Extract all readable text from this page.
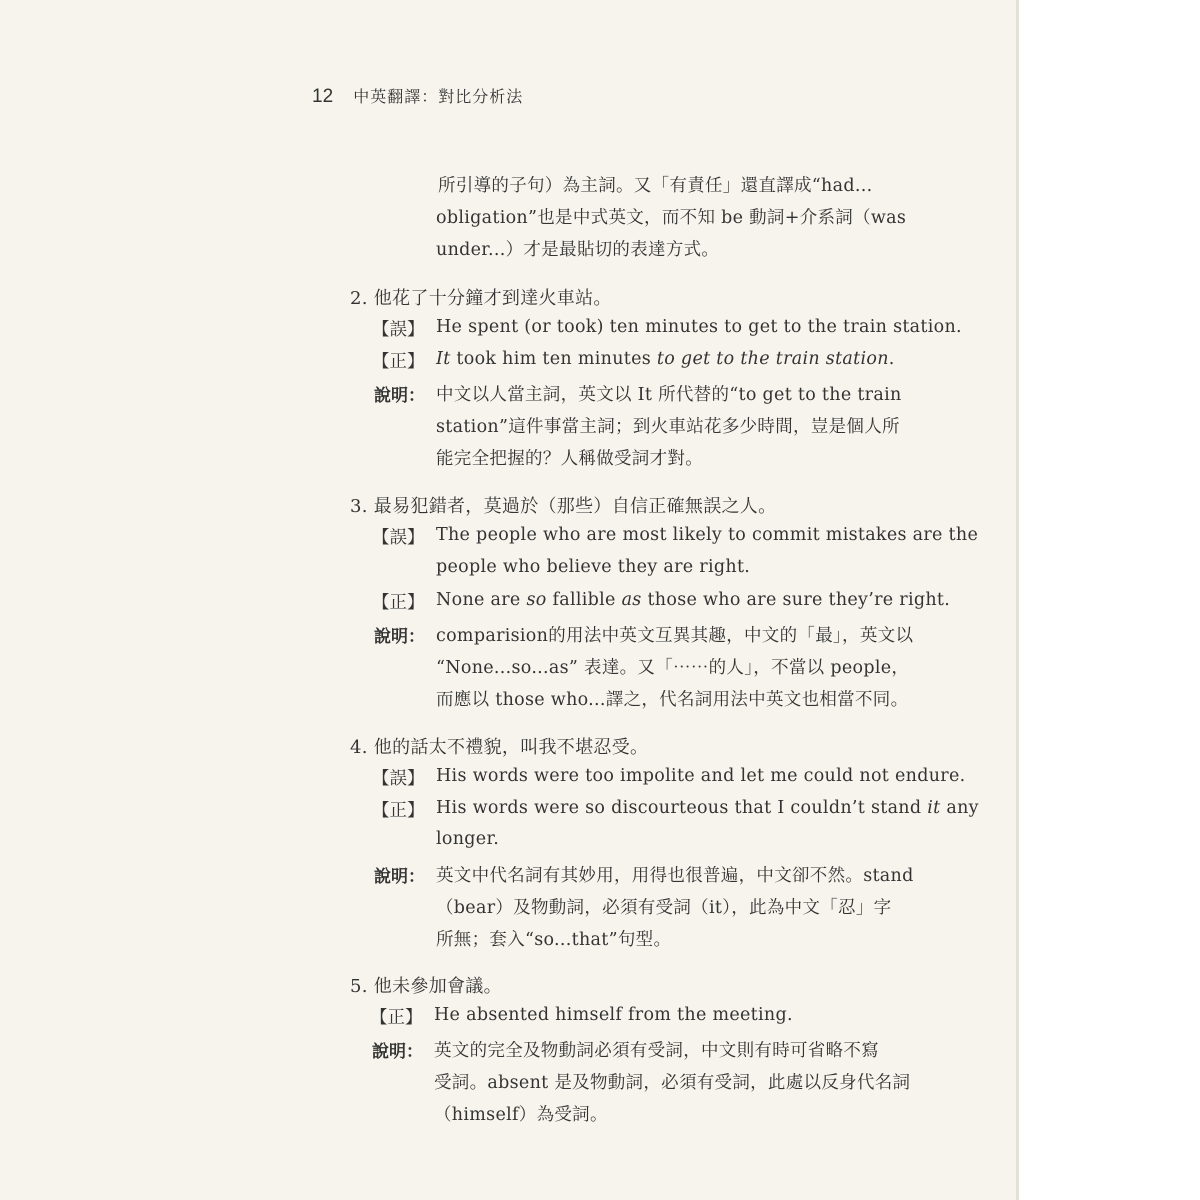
12 中英翻譯：對比分析法
所引導的子句）為主詞。又「有責任」還直譯成“had...
obligation”也是中式英文，而不知 be 動詞+介系詞（was
under...）才是最貼切的表達方式。
2. 他花了十分鐘才到達火車站。
【誤】 He spent (or took) ten minutes to get to the train station.
【正】 It took him ten minutes to get to the train station.
說明： 中文以人當主詞，英文以 It 所代替的“to get to the train
station”這件事當主詞；到火車站花多少時間，豈是個人所
能完全把握的？人稱做受詞才對。
3. 最易犯錯者，莫過於（那些）自信正確無誤之人。
【誤】 The people who are most likely to commit mistakes are the
people who believe they are right.
【正】 None are so fallible as those who are sure they’re right.
說明： comparision的用法中英文互異其趣，中文的「最」，英文以
“None...so...as” 表達。又「⋯⋯的人」，不當以 people，
而應以 those who...譯之，代名詞用法中英文也相當不同。
4. 他的話太不禮貌，叫我不堪忍受。
【誤】 His words were too impolite and let me could not endure.
【正】 His words were so discourteous that I couldn’t stand it any
longer.
說明： 英文中代名詞有其妙用，用得也很普遍，中文卻不然。stand
（bear）及物動詞，必須有受詞（it），此為中文「忍」字
所無；套入“so...that”句型。
5. 他未參加會議。
【正】 He absented himself from the meeting.
說明： 英文的完全及物動詞必須有受詞，中文則有時可省略不寫
受詞。absent 是及物動詞，必須有受詞，此處以反身代名詞
（himself）為受詞。
